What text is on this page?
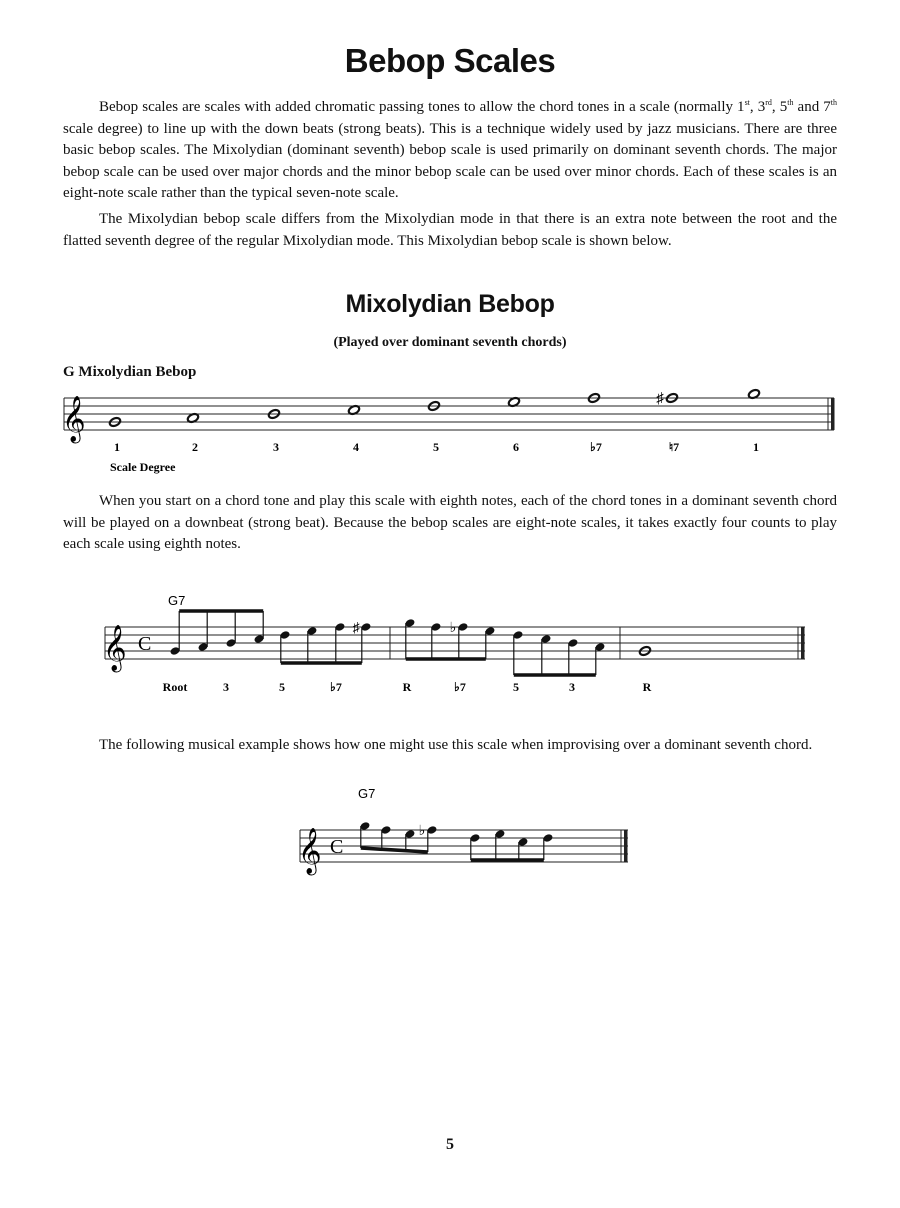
Bebop Scales

Bebop scales are scales with added chromatic passing tones to allow the chord tones in a scale (normally 1st, 3rd, 5th and 7th scale degree) to line up with the down beats (strong beats). This is a technique widely used by jazz musicians. There are three basic bebop scales. The Mixolydian (dominant seventh) bebop scale is used primarily on dominant seventh chords. The major bebop scale can be used over major chords and the minor bebop scale can be used over minor chords. Each of these scales is an eight-note scale rather than the typical seven-note scale.

The Mixolydian bebop scale differs from the Mixolydian mode in that there is an extra note between the root and the flatted seventh degree of the regular Mixolydian mode. This Mixolydian bebop scale is shown below.

Mixolydian Bebop
(Played over dominant seventh chords)
G Mixolydian Bebop
𝄞
1	2	3	4	5	6	♭7
♯
♮7	1
Scale Degree

When you start on a chord tone and play this scale with eighth notes, each of the chord tones in a dominant seventh chord will be played on a downbeat (strong beat). Because the bebop scales are eight-note scales, it takes exactly four counts to play each scale using eighth notes.

G7
𝄞 C
♯	♭
Root	3	5	♭7	R	♭7	5	3	R

The following musical example shows how one might use this scale when improvising over a dominant seventh chord.

G7
𝄞 C
♭
5
